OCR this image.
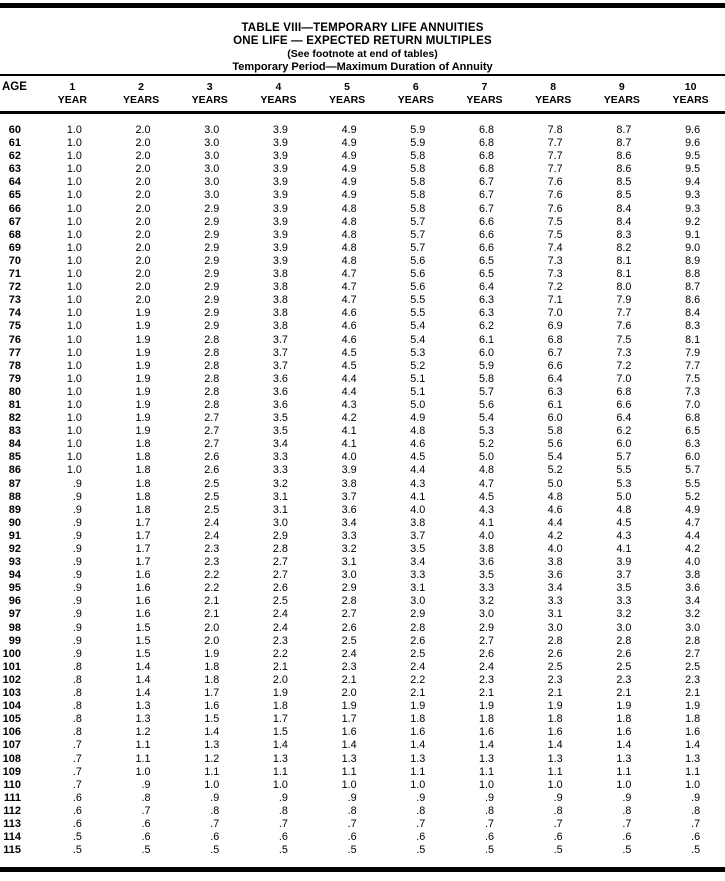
TABLE VIII—TEMPORARY LIFE ANNUITIES
ONE LIFE — EXPECTED RETURN MULTIPLES
(See footnote at end of tables)
Temporary Period—Maximum Duration of Annuity
AGE	1	2	3	4	5	6	7	8	9	10
	YEAR	YEARS	YEARS	YEARS	YEARS	YEARS	YEARS	YEARS	YEARS	YEARS
60	1.0	2.0	3.0	3.9	4.9	5.9	6.8	7.8	8.7	9.6
61	1.0	2.0	3.0	3.9	4.9	5.9	6.8	7.7	8.7	9.6
62	1.0	2.0	3.0	3.9	4.9	5.8	6.8	7.7	8.6	9.5
63	1.0	2.0	3.0	3.9	4.9	5.8	6.8	7.7	8.6	9.5
64	1.0	2.0	3.0	3.9	4.9	5.8	6.7	7.6	8.5	9.4
65	1.0	2.0	3.0	3.9	4.9	5.8	6.7	7.6	8.5	9.3
66	1.0	2.0	2.9	3.9	4.8	5.8	6.7	7.6	8.4	9.3
67	1.0	2.0	2.9	3.9	4.8	5.7	6.6	7.5	8.4	9.2
68	1.0	2.0	2.9	3.9	4.8	5.7	6.6	7.5	8.3	9.1
69	1.0	2.0	2.9	3.9	4.8	5.7	6.6	7.4	8.2	9.0
70	1.0	2.0	2.9	3.9	4.8	5.6	6.5	7.3	8.1	8.9
71	1.0	2.0	2.9	3.8	4.7	5.6	6.5	7.3	8.1	8.8
72	1.0	2.0	2.9	3.8	4.7	5.6	6.4	7.2	8.0	8.7
73	1.0	2.0	2.9	3.8	4.7	5.5	6.3	7.1	7.9	8.6
74	1.0	1.9	2.9	3.8	4.6	5.5	6.3	7.0	7.7	8.4
75	1.0	1.9	2.9	3.8	4.6	5.4	6.2	6.9	7.6	8.3
76	1.0	1.9	2.8	3.7	4.6	5.4	6.1	6.8	7.5	8.1
77	1.0	1.9	2.8	3.7	4.5	5.3	6.0	6.7	7.3	7.9
78	1.0	1.9	2.8	3.7	4.5	5.2	5.9	6.6	7.2	7.7
79	1.0	1.9	2.8	3.6	4.4	5.1	5.8	6.4	7.0	7.5
80	1.0	1.9	2.8	3.6	4.4	5.1	5.7	6.3	6.8	7.3
81	1.0	1.9	2.8	3.6	4.3	5.0	5.6	6.1	6.6	7.0
82	1.0	1.9	2.7	3.5	4.2	4.9	5.4	6.0	6.4	6.8
83	1.0	1.9	2.7	3.5	4.1	4.8	5.3	5.8	6.2	6.5
84	1.0	1.8	2.7	3.4	4.1	4.6	5.2	5.6	6.0	6.3
85	1.0	1.8	2.6	3.3	4.0	4.5	5.0	5.4	5.7	6.0
86	1.0	1.8	2.6	3.3	3.9	4.4	4.8	5.2	5.5	5.7
87	.9	1.8	2.5	3.2	3.8	4.3	4.7	5.0	5.3	5.5
88	.9	1.8	2.5	3.1	3.7	4.1	4.5	4.8	5.0	5.2
89	.9	1.8	2.5	3.1	3.6	4.0	4.3	4.6	4.8	4.9
90	.9	1.7	2.4	3.0	3.4	3.8	4.1	4.4	4.5	4.7
91	.9	1.7	2.4	2.9	3.3	3.7	4.0	4.2	4.3	4.4
92	.9	1.7	2.3	2.8	3.2	3.5	3.8	4.0	4.1	4.2
93	.9	1.7	2.3	2.7	3.1	3.4	3.6	3.8	3.9	4.0
94	.9	1.6	2.2	2.7	3.0	3.3	3.5	3.6	3.7	3.8
95	.9	1.6	2.2	2.6	2.9	3.1	3.3	3.4	3.5	3.6
96	.9	1.6	2.1	2.5	2.8	3.0	3.2	3.3	3.3	3.4
97	.9	1.6	2.1	2.4	2.7	2.9	3.0	3.1	3.2	3.2
98	.9	1.5	2.0	2.4	2.6	2.8	2.9	3.0	3.0	3.0
99	.9	1.5	2.0	2.3	2.5	2.6	2.7	2.8	2.8	2.8
100	.9	1.5	1.9	2.2	2.4	2.5	2.6	2.6	2.6	2.7
101	.8	1.4	1.8	2.1	2.3	2.4	2.4	2.5	2.5	2.5
102	.8	1.4	1.8	2.0	2.1	2.2	2.3	2.3	2.3	2.3
103	.8	1.4	1.7	1.9	2.0	2.1	2.1	2.1	2.1	2.1
104	.8	1.3	1.6	1.8	1.9	1.9	1.9	1.9	1.9	1.9
105	.8	1.3	1.5	1.7	1.7	1.8	1.8	1.8	1.8	1.8
106	.8	1.2	1.4	1.5	1.6	1.6	1.6	1.6	1.6	1.6
107	.7	1.1	1.3	1.4	1.4	1.4	1.4	1.4	1.4	1.4
108	.7	1.1	1.2	1.3	1.3	1.3	1.3	1.3	1.3	1.3
109	.7	1.0	1.1	1.1	1.1	1.1	1.1	1.1	1.1	1.1
110	.7	.9	1.0	1.0	1.0	1.0	1.0	1.0	1.0	1.0
111	.6	.8	.9	.9	.9	.9	.9	.9	.9	.9
112	.6	.7	.8	.8	.8	.8	.8	.8	.8	.8
113	.6	.6	.7	.7	.7	.7	.7	.7	.7	.7
114	.5	.6	.6	.6	.6	.6	.6	.6	.6	.6
115	.5	.5	.5	.5	.5	.5	.5	.5	.5	.5
